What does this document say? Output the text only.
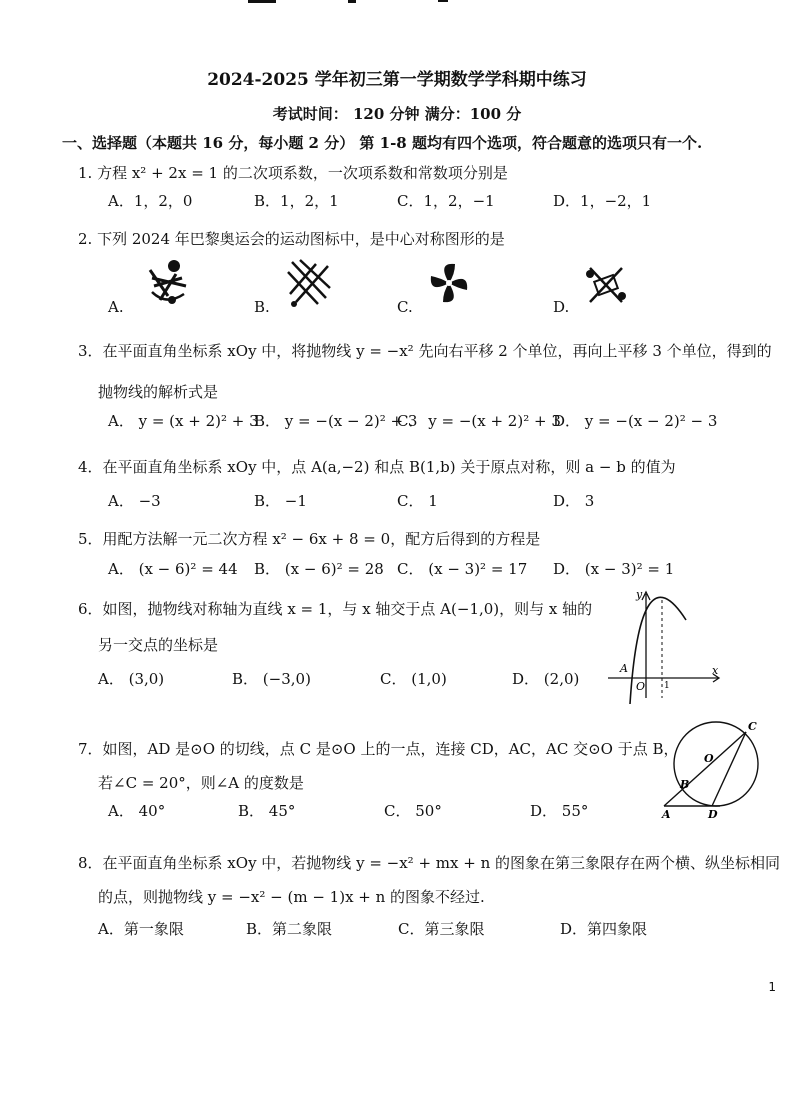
2024-2025 学年初三第一学期数学学科期中练习
考试时间： 120 分钟 满分：100 分
一、选择题（本题共 16 分，每小题 2 分） 第 1-8 题均有四个选项，符合题意的选项只有一个.
1. 方程 x² + 2x = 1 的二次项系数，一次项系数和常数项分别是
A．1，2，0	B．1，2，1	C．1，2，−1	D．1，−2，1
2. 下列 2024 年巴黎奥运会的运动图标中，是中心对称图形的是
A.	B.	C.	D.
3．在平面直角坐标系 xOy 中，将抛物线 y = −x² 先向右平移 2 个单位，再向上平移 3 个单位，得到的
抛物线的解析式是
A． y = (x + 2)² + 3
B． y = −(x − 2)² + 3
C． y = −(x + 2)² + 3
D． y = −(x − 2)² − 3
4．在平面直角坐标系 xOy 中，点 A(a,−2) 和点 B(1,b) 关于原点对称，则 a − b 的值为
A． −3	B． −1	C． 1	D． 3
5．用配方法解一元二次方程 x² − 6x + 8 = 0，配方后得到的方程是
A． (x − 6)² = 44 B． (x − 6)² = 28 C． (x − 3)² = 17 D． (x − 3)² = 1
6．如图，抛物线对称轴为直线 x = 1，与 x 轴交于点 A(−1,0)，则与 x 轴的
另一交点的坐标是
A． (3,0)	B． (−3,0)	C． (1,0)	D． (2,0)
y
x
O
A
1
7．如图，AD 是⊙O 的切线，点 C 是⊙O 上的一点，连接 CD，AC，AC 交⊙O 于点 B，
若∠C = 20°，则∠A 的度数是
A． 40°	B． 45°	C． 50°	D． 55°
C
O
B
A	D
8．在平面直角坐标系 xOy 中，若抛物线 y = −x² + mx + n 的图象在第三象限存在两个横、纵坐标相同
的点，则抛物线 y = −x² − (m − 1)x + n 的图象不经过.
A．第一象限	B．第二象限	C．第三象限	D．第四象限
1
